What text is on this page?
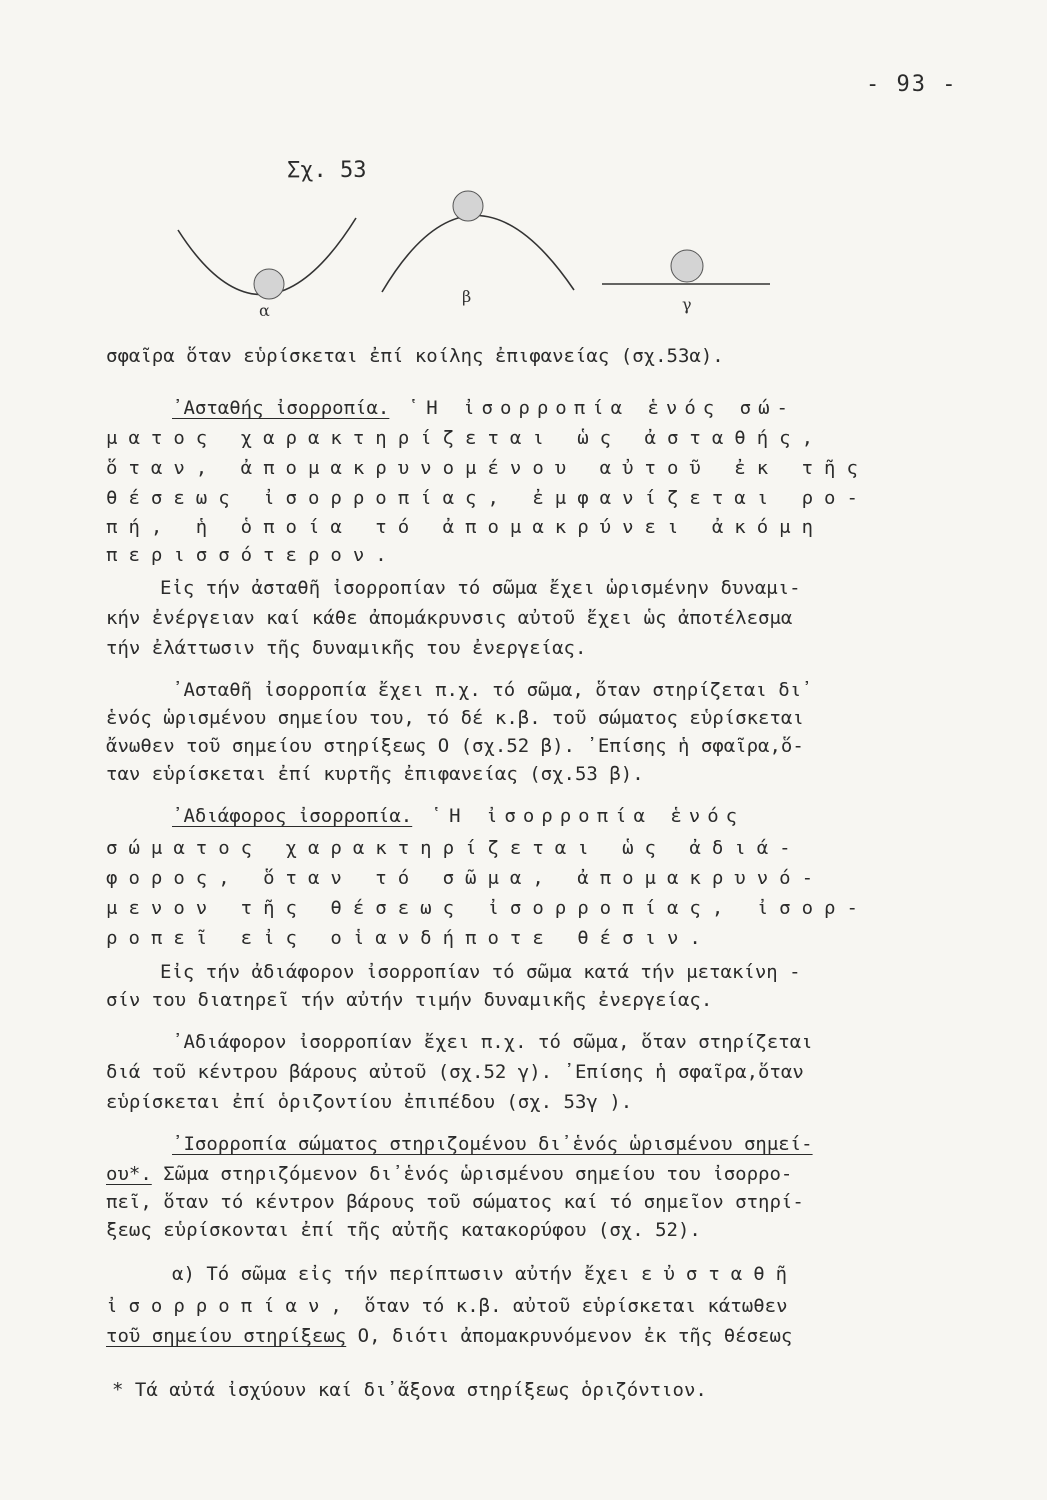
- 93 -
Σχ. 53
α
β	γ
σφαῖρα ὅταν εὑρίσκεται ἐπί κοίλης ἐπιφανείας (σχ.53α).
᾿Ασταθής ἰσορροπία. ῾Η ἰσορροπία ἑνός σώ-
ματος χαρακτηρίζεται ὡς ἀσταθής,
ὅταν, ἀπομακρυνομένου αὐτοῦ ἐκ τῆς
θέσεως ἰσορροπίας, ἐμφανίζεται ρο-
πή, ἡ ὁποία τό ἀπομακρύνει ἀκόμη
περισσότερον.
Εἰς τήν ἀσταθῆ ἰσορροπίαν τό σῶμα ἔχει ὡρισμένην δυναμι-
κήν ἐνέργειαν καί κάθε ἀπομάκρυνσις αὐτοῦ ἔχει ὡς ἀποτέλεσμα
τήν ἐλάττωσιν τῆς δυναμικῆς του ἐνεργείας.
᾿Ασταθῆ ἰσορροπία ἔχει π.χ. τό σῶμα, ὅταν στηρίζεται δι᾿
ἑνός ὡρισμένου σημείου του, τό δέ κ.β. τοῦ σώματος εὑρίσκεται
ἄνωθεν τοῦ σημείου στηρίξεως Ο (σχ.52 β). ᾿Επίσης ἡ σφαῖρα,ὅ-
ταν εὑρίσκεται ἐπί κυρτῆς ἐπιφανείας (σχ.53 β).
᾿Αδιάφορος ἰσορροπία. ῾Η ἰσορροπία ἑνός
σώματος χαρακτηρίζεται ὡς ἀδιά-
φορος, ὅταν τό σῶμα, ἀπομακρυνό-
μενον τῆς θέσεως ἰσορροπίας, ἰσορ-
ροπεῖ εἰς οἱανδήποτε θέσιν.
Εἰς τήν ἀδιάφορον ἰσορροπίαν τό σῶμα κατά τήν μετακίνη -
σίν του διατηρεῖ τήν αὐτήν τιμήν δυναμικῆς ἐνεργείας.
᾿Αδιάφορον ἰσορροπίαν ἔχει π.χ. τό σῶμα, ὅταν στηρίζεται
διά τοῦ κέντρου βάρους αὐτοῦ (σχ.52 γ). ᾿Επίσης ἡ σφαῖρα,ὅταν
εὑρίσκεται ἐπί ὁριζοντίου ἐπιπέδου (σχ. 53γ ).
᾿Ισορροπία σώματος στηριζομένου δι᾿ἑνός ὡρισμένου σημεί-
ου*. Σῶμα στηριζόμενον δι᾿ἑνός ὡρισμένου σημείου του ἰσορρο-
πεῖ, ὅταν τό κέντρον βάρους τοῦ σώματος καί τό σημεῖον στηρί-
ξεως εὑρίσκονται ἐπί τῆς αὐτῆς κατακορύφου (σχ. 52).
α) Τό σῶμα εἰς τήν περίπτωσιν αὐτήν ἔχει εὐσταθῆ
ἰσορροπίαν, ὅταν τό κ.β. αὐτοῦ εὑρίσκεται κάτωθεν
τοῦ σημείου στηρίξεως Ο, διότι ἀπομακρυνόμενον ἐκ τῆς θέσεως
* Τά αὐτά ἰσχύουν καί δι᾿ἄξονα στηρίξεως ὁριζόντιον.
